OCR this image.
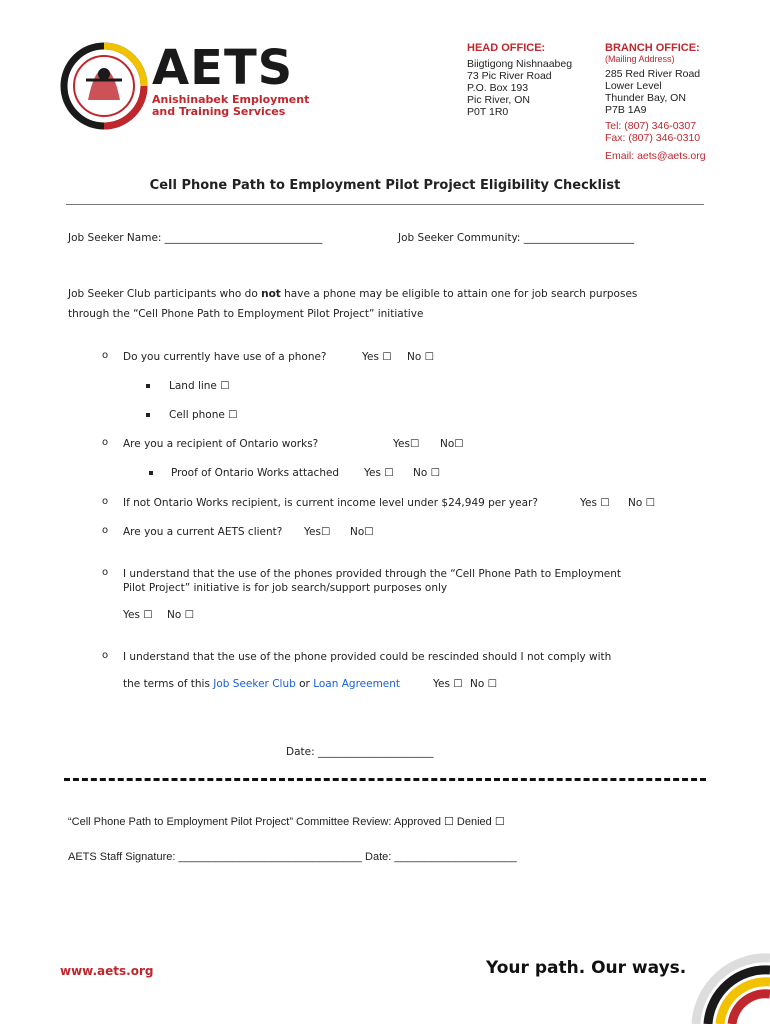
AETS
Anishinabek Employment
and Training Services
HEAD OFFICE:
Biigtigong Nishnaabeg
73 Pic River Road
P.O. Box 193
Pic River, ON
P0T 1R0
BRANCH OFFICE:
(Mailing Address)
285 Red River Road
Lower Level
Thunder Bay, ON
P7B 1A9
Tel: (807) 346-0307
Fax: (807) 346-0310
Email: aets@aets.org
Cell Phone Path to Employment Pilot Project Eligibility Checklist
Job Seeker Name: ______________________________	Job Seeker Community: _____________________
Job Seeker Club participants who do not have a phone may be eligible to attain one for job search purposes
through the “Cell Phone Path to Employment Pilot Project” initiative
o Do you currently have use of a phone?	Yes ☐ No ☐
Land line ☐
Cell phone ☐
o Are you a recipient of Ontario works?	Yes☐ No☐
Proof of Ontario Works attached Yes ☐ No ☐
o If not Ontario Works recipient, is current income level under $24,949 per year?	Yes ☐ No ☐
o Are you a current AETS client? Yes☐ No☐
o I understand that the use of the phones provided through the “Cell Phone Path to Employment
Pilot Project” initiative is for job search/support purposes only
Yes ☐ No ☐
o I understand that the use of the phone provided could be rescinded should I not comply with
the terms of this Job Seeker Club or Loan Agreement	Yes ☐ No ☐
Date: ______________________
“Cell Phone Path to Employment Pilot Project” Committee Review: Approved ☐ Denied ☐
AETS Staff Signature: ______________________________ Date: ____________________
www.aets.org	Your path. Our ways.
